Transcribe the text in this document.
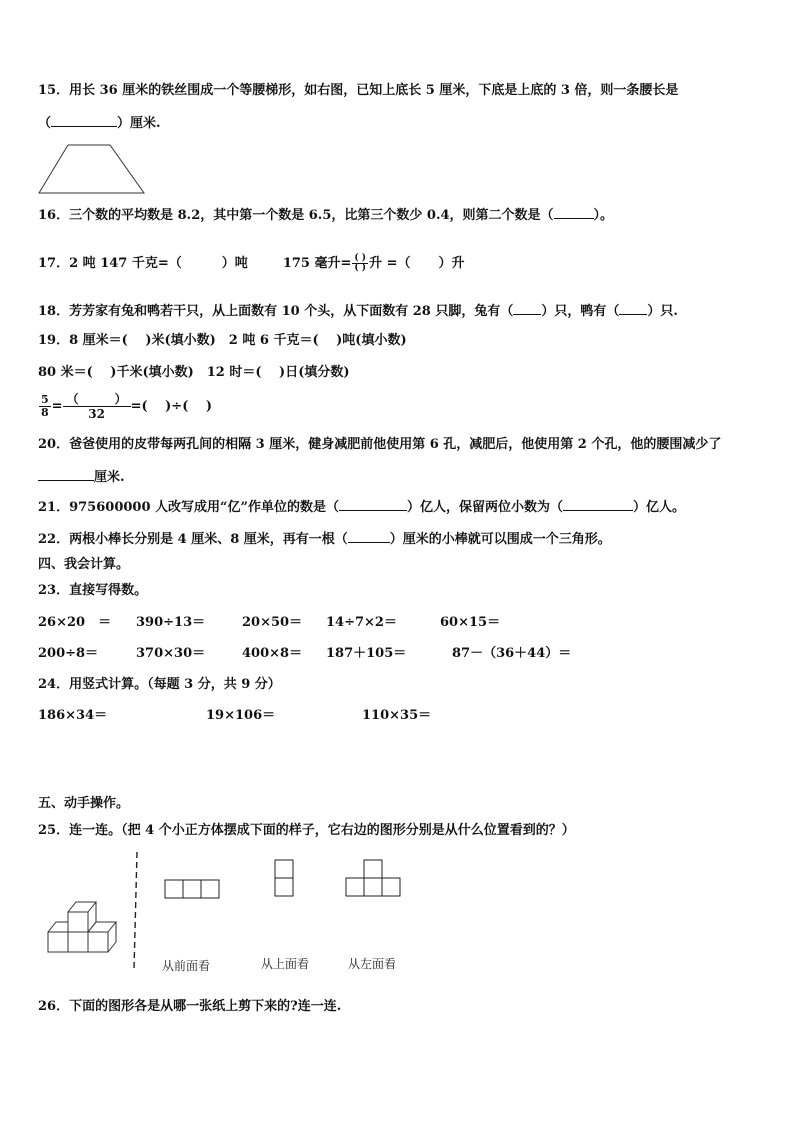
15．用长 36 厘米的铁丝围成一个等腰梯形，如右图，已知上底长 5 厘米，下底是上底的 3 倍，则一条腰长是
（	）厘米.
16．三个数的平均数是 8.2，其中第一个数是 6.5，比第三个数少 0.4，则第二个数是（	）。
17．2 吨 147 千克=（	）吨	175 毫升= $\frac{( )}{( )}$ 升 =（ ）升
18．芳芳家有兔和鸭若干只，从上面数有 10 个头，从下面数有 28 只脚，兔有（ ）只，鸭有（ ）只.
19．8 厘米＝(　 )米(填小数)　2 吨 6 千克＝(　 )吨(填小数)
80 米＝(　 )千米(填小数)　12 时＝(　 )日(填分数)
$\frac{5}{8} = \frac{( )}{32}$ =(　 )÷(　 )
20．爸爸使用的皮带每两孔间的相隔 3 厘米，健身减肥前他使用第 6 孔，减肥后，他使用第 2 个孔，他的腰围减少了
厘米.
21．975600000 人改写成用“亿”作单位的数是（	）亿人，保留两位小数为（	）亿人。
22．两根小棒长分别是 4 厘米、8 厘米，再有一根（	）厘米的小棒就可以围成一个三角形。
四、我会计算。
23．直接写得数。
26×20　＝ 390÷13＝	20×50＝ 14÷7×2＝	60×15＝
200÷8＝	370×30＝	400×8＝ 187＋105＝	87－（36＋44）＝
24．用竖式计算。（每题 3 分，共 9 分）
186×34＝	19×106＝	110×35＝
五、动手操作。
25．连一连。（把 4 个小正方体摆成下面的样子，它右边的图形分别是从什么位置看到的？）
从前面看	从上面看	从左面看
26．下面的图形各是从哪一张纸上剪下来的?连一连.
